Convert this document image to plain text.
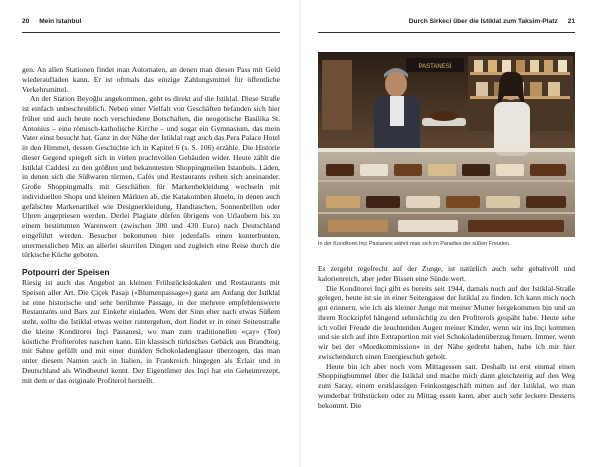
20 Mein Istanbul	Durch Sirkeci über die Istiklal zum Taksim-Platz 21

gen. An allen Stationen findet man Automaten, an denen man diesen Pass mit Geld wiederaufladen kann. Er ist oftmals das einzige Zahlungsmittel für öffentliche Verkehrsmittel.

An der Station Beyoğlu angekommen, geht es direkt auf die Istiklal. Diese Straße ist einfach unbeschreiblich. Neben einer Vielfalt von Geschäften befanden sich hier früher und auch heute noch verschiedene Botschaften, die neogotische Basilika St. Antonius – eine römisch-katholische Kirche – und sogar ein Gymnasium, das mein Vater einst besucht hat. Ganz in der Nähe der Istiklal ragt auch das Pera Palace Hotel in den Himmel, dessen Geschichte ich in Kapitel 6 (s. S. 106) erzähle. Die Historie dieser Gegend spiegelt sich in vielen prachtvollen Gebäuden wider. Heute zählt die Istiklal Caddesi zu den größten und bekanntesten Shoppingmeilen Istanbuls. Läden, in denen sich die Süßwaren türmen, Cafés und Restaurants reihen sich aneinander. Große Shoppingmalls mit Geschäften für Markenbekleidung wechseln mit individuellen Shops und kleinen Märkten ab, die Katakomben ähneln, in denen auch gefälschte Markenartikel wie Designerkleidung, Handtaschen, Sonnenbrillen oder Uhren angepriesen werden. Derlei Plagiate dürfen übrigens von Urlaubern bis zu einem bestimmten Warenwert (zwischen 300 und 430 Euro) nach Deutschland eingeführt werden. Besucher bekommen hier jedenfalls einen kunterbunten, unermesslichen Mix an allerlei skurrilen Dingen und zugleich eine Reise durch die türkische Küche geboten.

Potpourri der Speisen

Riesig ist auch das Angebot an kleinen Frühstückslokalen und Restaurants mit Speisen aller Art. Die Çiçek Pasajı («Blumenpassage») ganz am Anfang der Istiklal ist eine historische und sehr berühmte Passage, in der mehrere empfehlenswerte Restaurants und Bars zur Einkehr einladen. Wem der Sinn eher nach etwas Süßem steht, sollte die Istiklal etwas weiter runtergehen, dort findet er in einer Seitenstraße die kleine Konditorei Inçi Pastanesi, wo man zum traditionellen «çay» (Tee) köstliche Profiteroles naschen kann. Ein klassisch türkisches Gebäck aus Brandteig, mit Sahne gefüllt und mit einer dunklen Schokoladenglasur überzogen, das man unter diesem Namen auch in Italien, in Frankreich hingegen als Éclair und in Deutschland als Windbeutel kennt. Der Eigentümer des Inçi hat ein Geheimrezept, mit dem er das originale Profiterol herstellt.

PASTANESİ
In der Konditorei Inçi Pastanesi wähnt man sich im Paradies der süßen Freuden.

Es zergeht regelrecht auf der Zunge, ist natürlich auch sehr gehaltvoll und kalorienreich, aber jeder Bissen eine Sünde wert.

Die Konditorei Inçi gibt es bereits seit 1944, damals noch auf der Istiklal-Straße gelegen, heute ist sie in einer Seitengasse der Istiklal zu finden. Ich kann mich noch gut erinnern, wie ich als kleiner Junge mit meiner Mutter hergekommen bin und an ihrem Rockzipfel hängend sehnsüchtig zu den Profiterols gespäht habe. Heute sehe ich voller Freude die leuchtenden Augen meiner Kinder, wenn wir ins Inçi kommen und sie sich auf ihre Extraportion mit viel Schokoladenüberzug freuen. Immer, wenn wir bei der «Mordkommission» in der Nähe gedreht haben, habe ich mir hier zwischendurch einen Energieschub geholt.

Heute bin ich aber noch vom Mittagessen satt. Deshalb ist erst einmal einen Shoppingbummel über die Istiklal und mache mich dann gleichzeitig auf den Weg zum Saray, einem erstklassigen Feinkostgeschäft mitten auf der Istiklal, wo man wunderbar frühstücken oder zu Mittag essen kann, aber auch sehr leckere Desserts bekommt. Die
